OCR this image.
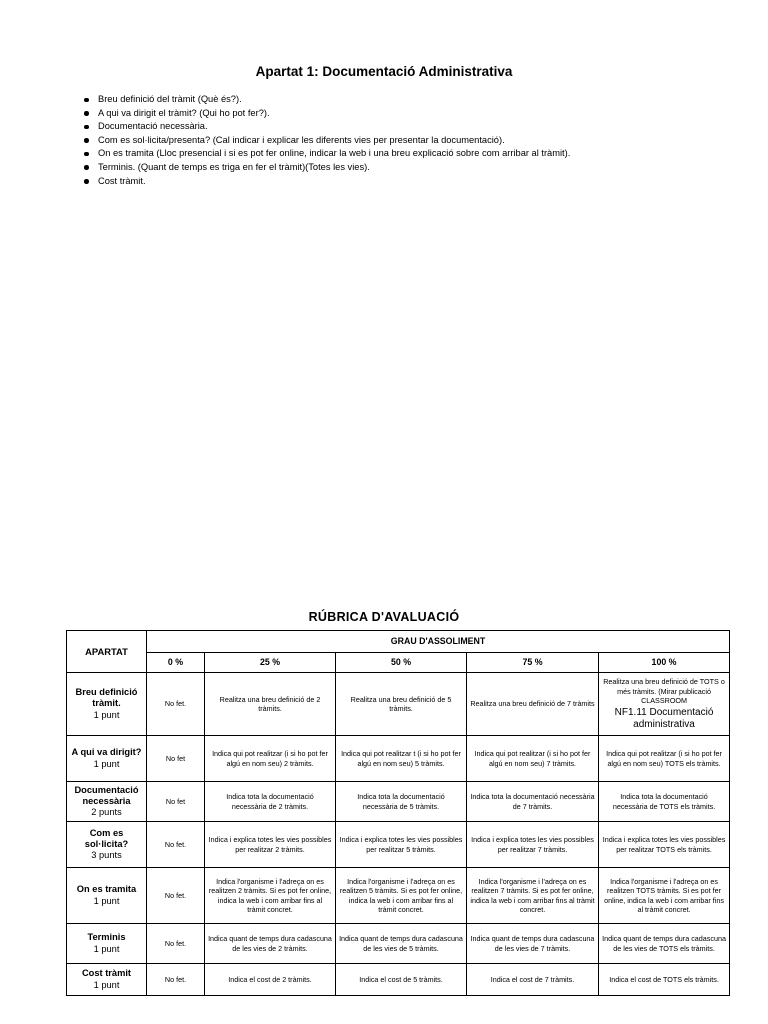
Apartat 1: Documentació Administrativa
Breu definició del tràmit (Què és?).
A qui va dirigit el tràmit? (Qui ho pot fer?).
Documentació necessària.
Com es sol·licita/presenta? (Cal indicar i explicar les diferents vies per presentar la documentació).
On es tramita (Lloc presencial i si es pot fer online, indicar la web i una breu explicació sobre com arribar al tràmit).
Terminis. (Quant de temps es triga en fer el tràmit)(Totes les vies).
Cost tràmit.
RÚBRICA D'AVALUACIÓ
APARTAT	GRAU D'ASSOLIMENT				
	0 %	25 %	50 %	75 %	100 %

Breu definició tràmit.
1 punt	No fet.	Realitza una breu definició de 2 tràmits.	Realitza una breu definició de 5 tràmits.	Realitza una breu definició de 7 tràmits	Realitza una breu definició de TOTS o més tràmits. (Mirar publicació CLASSROOM
NF1.11 Documentació administrativa

A qui va dirigit?
1 punt	No fet	Indica qui pot realitzar (i si ho pot fer algú en nom seu) 2 tràmits.	Indica qui pot realitzar t (i si ho pot fer algú en nom seu) 5 tràmits.	Indica qui pot realitzar (i si ho pot fer algú en nom seu) 7 tràmits.	Indica qui pot realitzar (i si ho pot fer algú en nom seu) TOTS els tràmits.

Documentació necessària
2 punts	No fet	Indica tota la documentació necessària de 2 tràmits.	Indica tota la documentació necessària de 5 tràmits.	Indica tota la documentació necessària de 7 tràmits.	Indica tota la documentació necessària de TOTS els tràmits.

Com es sol·licita?
3 punts	No fet.	Indica i explica totes les vies possibles per realitzar 2 tràmits.	Indica i explica totes les vies possibles per realitzar 5 tràmits.	Indica i explica totes les vies possibles per realitzar 7 tràmits.	Indica i explica totes les vies possibles per realitzar TOTS els tràmits.

On es tramita
1 punt	No fet.	Indica l'organisme i l'adreça on es realitzen 2 tràmits. Si es pot fer online, indica la web i com arribar fins al tràmit concret.	Indica l'organisme i l'adreça on es realitzen 5 tràmits. Si es pot fer online, indica la web i com arribar fins al tràmit concret.	Indica l'organisme i l'adreça on es realitzen 7 tràmits. Si es pot fer online, indica la web i com arribar fins al tràmit concret.	Indica l'organisme i l'adreça on es realitzen TOTS tràmits. Si es pot fer online, indica la web i com arribar fins al tràmit concret.

Terminis
1 punt	No fet.	Indica quant de temps dura cadascuna de les vies de 2 tràmits.	Indica quant de temps dura cadascuna de les vies de 5 tràmits.	Indica quant de temps dura cadascuna de les vies de 7 tràmits.	Indica quant de temps dura cadascuna de les vies de TOTS els tràmits.

Cost tràmit
1 punt	No fet.	Indica el cost de 2 tràmits.	Indica el cost de 5 tràmits.	Indica el cost de 7 tràmits.	Indica el cost de TOTS els tràmits.
